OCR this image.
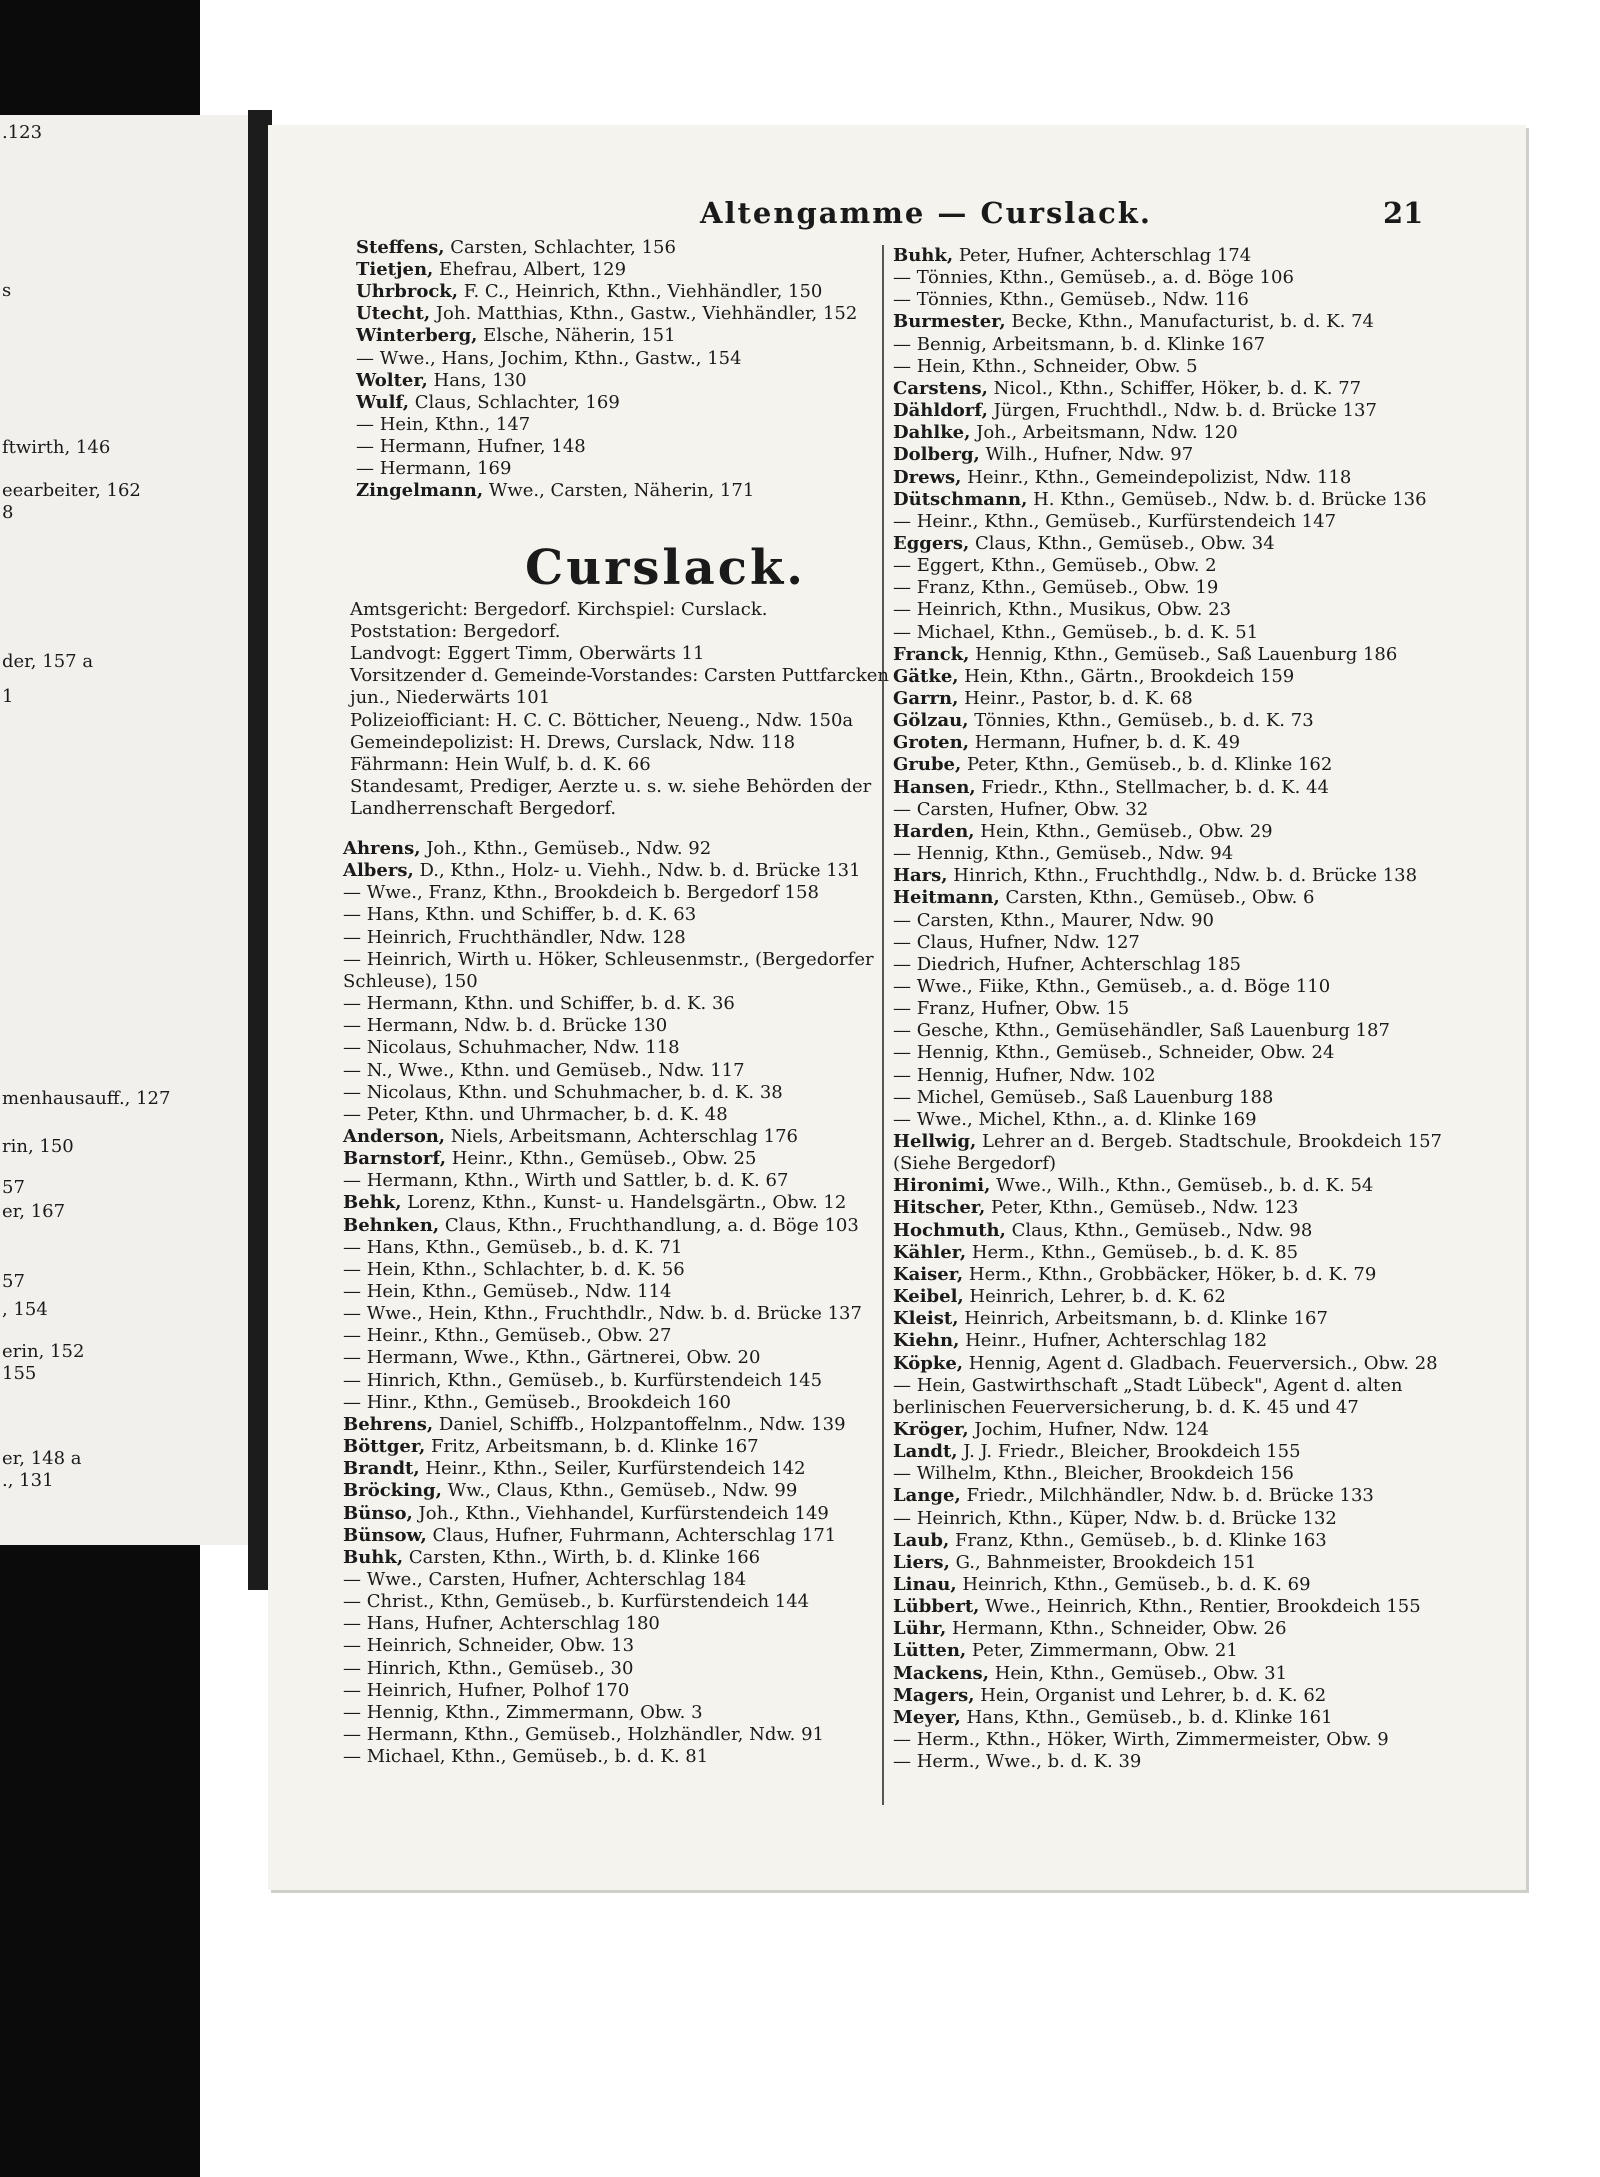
.123
s
ftwirth, 146
eearbeiter, 162
8
der, 157 a
1
menhausauff., 127
rin, 150
57
er, 167
57
, 154
erin, 152
155
er, 148 a
., 131
Altengamme — Curslack.	21
Steffens, Carsten, Schlachter, 156
Tietjen, Ehefrau, Albert, 129
Uhrbrock, F. C., Heinrich, Kthn., Viehhändler, 150
Utecht, Joh. Matthias, Kthn., Gastw., Viehhändler, 152
Winterberg, Elsche, Näherin, 151
— Wwe., Hans, Jochim, Kthn., Gastw., 154
Wolter, Hans, 130
Wulf, Claus, Schlachter, 169
— Hein, Kthn., 147
— Hermann, Hufner, 148
— Hermann, 169
Zingelmann, Wwe., Carsten, Näherin, 171
Curslack.
Amtsgericht: Bergedorf. Kirchspiel: Curslack.
Poststation: Bergedorf.
Landvogt: Eggert Timm, Oberwärts 11
Vorsitzender d. Gemeinde-Vorstandes: Carsten Puttfarcken
jun., Niederwärts 101
Polizeiofficiant: H. C. C. Bötticher, Neueng., Ndw. 150a
Gemeindepolizist: H. Drews, Curslack, Ndw. 118
Fährmann: Hein Wulf, b. d. K. 66
Standesamt, Prediger, Aerzte u. s. w. siehe Behörden der
Landherrenschaft Bergedorf.
Ahrens, Joh., Kthn., Gemüseb., Ndw. 92
Albers, D., Kthn., Holz- u. Viehh., Ndw. b. d. Brücke 131
— Wwe., Franz, Kthn., Brookdeich b. Bergedorf 158
— Hans, Kthn. und Schiffer, b. d. K. 63
— Heinrich, Fruchthändler, Ndw. 128
— Heinrich, Wirth u. Höker, Schleusenmstr., (Bergedorfer
Schleuse), 150
— Hermann, Kthn. und Schiffer, b. d. K. 36
— Hermann, Ndw. b. d. Brücke 130
— Nicolaus, Schuhmacher, Ndw. 118
— N., Wwe., Kthn. und Gemüseb., Ndw. 117
— Nicolaus, Kthn. und Schuhmacher, b. d. K. 38
— Peter, Kthn. und Uhrmacher, b. d. K. 48
Anderson, Niels, Arbeitsmann, Achterschlag 176
Barnstorf, Heinr., Kthn., Gemüseb., Obw. 25
— Hermann, Kthn., Wirth und Sattler, b. d. K. 67
Behk, Lorenz, Kthn., Kunst- u. Handelsgärtn., Obw. 12
Behnken, Claus, Kthn., Fruchthandlung, a. d. Böge 103
— Hans, Kthn., Gemüseb., b. d. K. 71
— Hein, Kthn., Schlachter, b. d. K. 56
— Hein, Kthn., Gemüseb., Ndw. 114
— Wwe., Hein, Kthn., Fruchthdlr., Ndw. b. d. Brücke 137
— Heinr., Kthn., Gemüseb., Obw. 27
— Hermann, Wwe., Kthn., Gärtnerei, Obw. 20
— Hinrich, Kthn., Gemüseb., b. Kurfürstendeich 145
— Hinr., Kthn., Gemüseb., Brookdeich 160
Behrens, Daniel, Schiffb., Holzpantoffelnm., Ndw. 139
Böttger, Fritz, Arbeitsmann, b. d. Klinke 167
Brandt, Heinr., Kthn., Seiler, Kurfürstendeich 142
Bröcking, Ww., Claus, Kthn., Gemüseb., Ndw. 99
Bünso, Joh., Kthn., Viehhandel, Kurfürstendeich 149
Bünsow, Claus, Hufner, Fuhrmann, Achterschlag 171
Buhk, Carsten, Kthn., Wirth, b. d. Klinke 166
— Wwe., Carsten, Hufner, Achterschlag 184
— Christ., Kthn, Gemüseb., b. Kurfürstendeich 144
— Hans, Hufner, Achterschlag 180
— Heinrich, Schneider, Obw. 13
— Hinrich, Kthn., Gemüseb., 30
— Heinrich, Hufner, Polhof 170
— Hennig, Kthn., Zimmermann, Obw. 3
— Hermann, Kthn., Gemüseb., Holzhändler, Ndw. 91
— Michael, Kthn., Gemüseb., b. d. K. 81
Buhk, Peter, Hufner, Achterschlag 174
— Tönnies, Kthn., Gemüseb., a. d. Böge 106
— Tönnies, Kthn., Gemüseb., Ndw. 116
Burmester, Becke, Kthn., Manufacturist, b. d. K. 74
— Bennig, Arbeitsmann, b. d. Klinke 167
— Hein, Kthn., Schneider, Obw. 5
Carstens, Nicol., Kthn., Schiffer, Höker, b. d. K. 77
Dähldorf, Jürgen, Fruchthdl., Ndw. b. d. Brücke 137
Dahlke, Joh., Arbeitsmann, Ndw. 120
Dolberg, Wilh., Hufner, Ndw. 97
Drews, Heinr., Kthn., Gemeindepolizist, Ndw. 118
Dütschmann, H. Kthn., Gemüseb., Ndw. b. d. Brücke 136
— Heinr., Kthn., Gemüseb., Kurfürstendeich 147
Eggers, Claus, Kthn., Gemüseb., Obw. 34
— Eggert, Kthn., Gemüseb., Obw. 2
— Franz, Kthn., Gemüseb., Obw. 19
— Heinrich, Kthn., Musikus, Obw. 23
— Michael, Kthn., Gemüseb., b. d. K. 51
Franck, Hennig, Kthn., Gemüseb., Saß Lauenburg 186
Gätke, Hein, Kthn., Gärtn., Brookdeich 159
Garrn, Heinr., Pastor, b. d. K. 68
Gölzau, Tönnies, Kthn., Gemüseb., b. d. K. 73
Groten, Hermann, Hufner, b. d. K. 49
Grube, Peter, Kthn., Gemüseb., b. d. Klinke 162
Hansen, Friedr., Kthn., Stellmacher, b. d. K. 44
— Carsten, Hufner, Obw. 32
Harden, Hein, Kthn., Gemüseb., Obw. 29
— Hennig, Kthn., Gemüseb., Ndw. 94
Hars, Hinrich, Kthn., Fruchthdlg., Ndw. b. d. Brücke 138
Heitmann, Carsten, Kthn., Gemüseb., Obw. 6
— Carsten, Kthn., Maurer, Ndw. 90
— Claus, Hufner, Ndw. 127
— Diedrich, Hufner, Achterschlag 185
— Wwe., Fiike, Kthn., Gemüseb., a. d. Böge 110
— Franz, Hufner, Obw. 15
— Gesche, Kthn., Gemüsehändler, Saß Lauenburg 187
— Hennig, Kthn., Gemüseb., Schneider, Obw. 24
— Hennig, Hufner, Ndw. 102
— Michel, Gemüseb., Saß Lauenburg 188
— Wwe., Michel, Kthn., a. d. Klinke 169
Hellwig, Lehrer an d. Bergeb. Stadtschule, Brookdeich 157
(Siehe Bergedorf)
Hironimi, Wwe., Wilh., Kthn., Gemüseb., b. d. K. 54
Hitscher, Peter, Kthn., Gemüseb., Ndw. 123
Hochmuth, Claus, Kthn., Gemüseb., Ndw. 98
Kähler, Herm., Kthn., Gemüseb., b. d. K. 85
Kaiser, Herm., Kthn., Grobbäcker, Höker, b. d. K. 79
Keibel, Heinrich, Lehrer, b. d. K. 62
Kleist, Heinrich, Arbeitsmann, b. d. Klinke 167
Kiehn, Heinr., Hufner, Achterschlag 182
Köpke, Hennig, Agent d. Gladbach. Feuerversich., Obw. 28
— Hein, Gastwirthschaft „Stadt Lübeck", Agent d. alten
berlinischen Feuerversicherung, b. d. K. 45 und 47
Kröger, Jochim, Hufner, Ndw. 124
Landt, J. J. Friedr., Bleicher, Brookdeich 155
— Wilhelm, Kthn., Bleicher, Brookdeich 156
Lange, Friedr., Milchhändler, Ndw. b. d. Brücke 133
— Heinrich, Kthn., Küper, Ndw. b. d. Brücke 132
Laub, Franz, Kthn., Gemüseb., b. d. Klinke 163
Liers, G., Bahnmeister, Brookdeich 151
Linau, Heinrich, Kthn., Gemüseb., b. d. K. 69
Lübbert, Wwe., Heinrich, Kthn., Rentier, Brookdeich 155
Lühr, Hermann, Kthn., Schneider, Obw. 26
Lütten, Peter, Zimmermann, Obw. 21
Mackens, Hein, Kthn., Gemüseb., Obw. 31
Magers, Hein, Organist und Lehrer, b. d. K. 62
Meyer, Hans, Kthn., Gemüseb., b. d. Klinke 161
— Herm., Kthn., Höker, Wirth, Zimmermeister, Obw. 9
— Herm., Wwe., b. d. K. 39
